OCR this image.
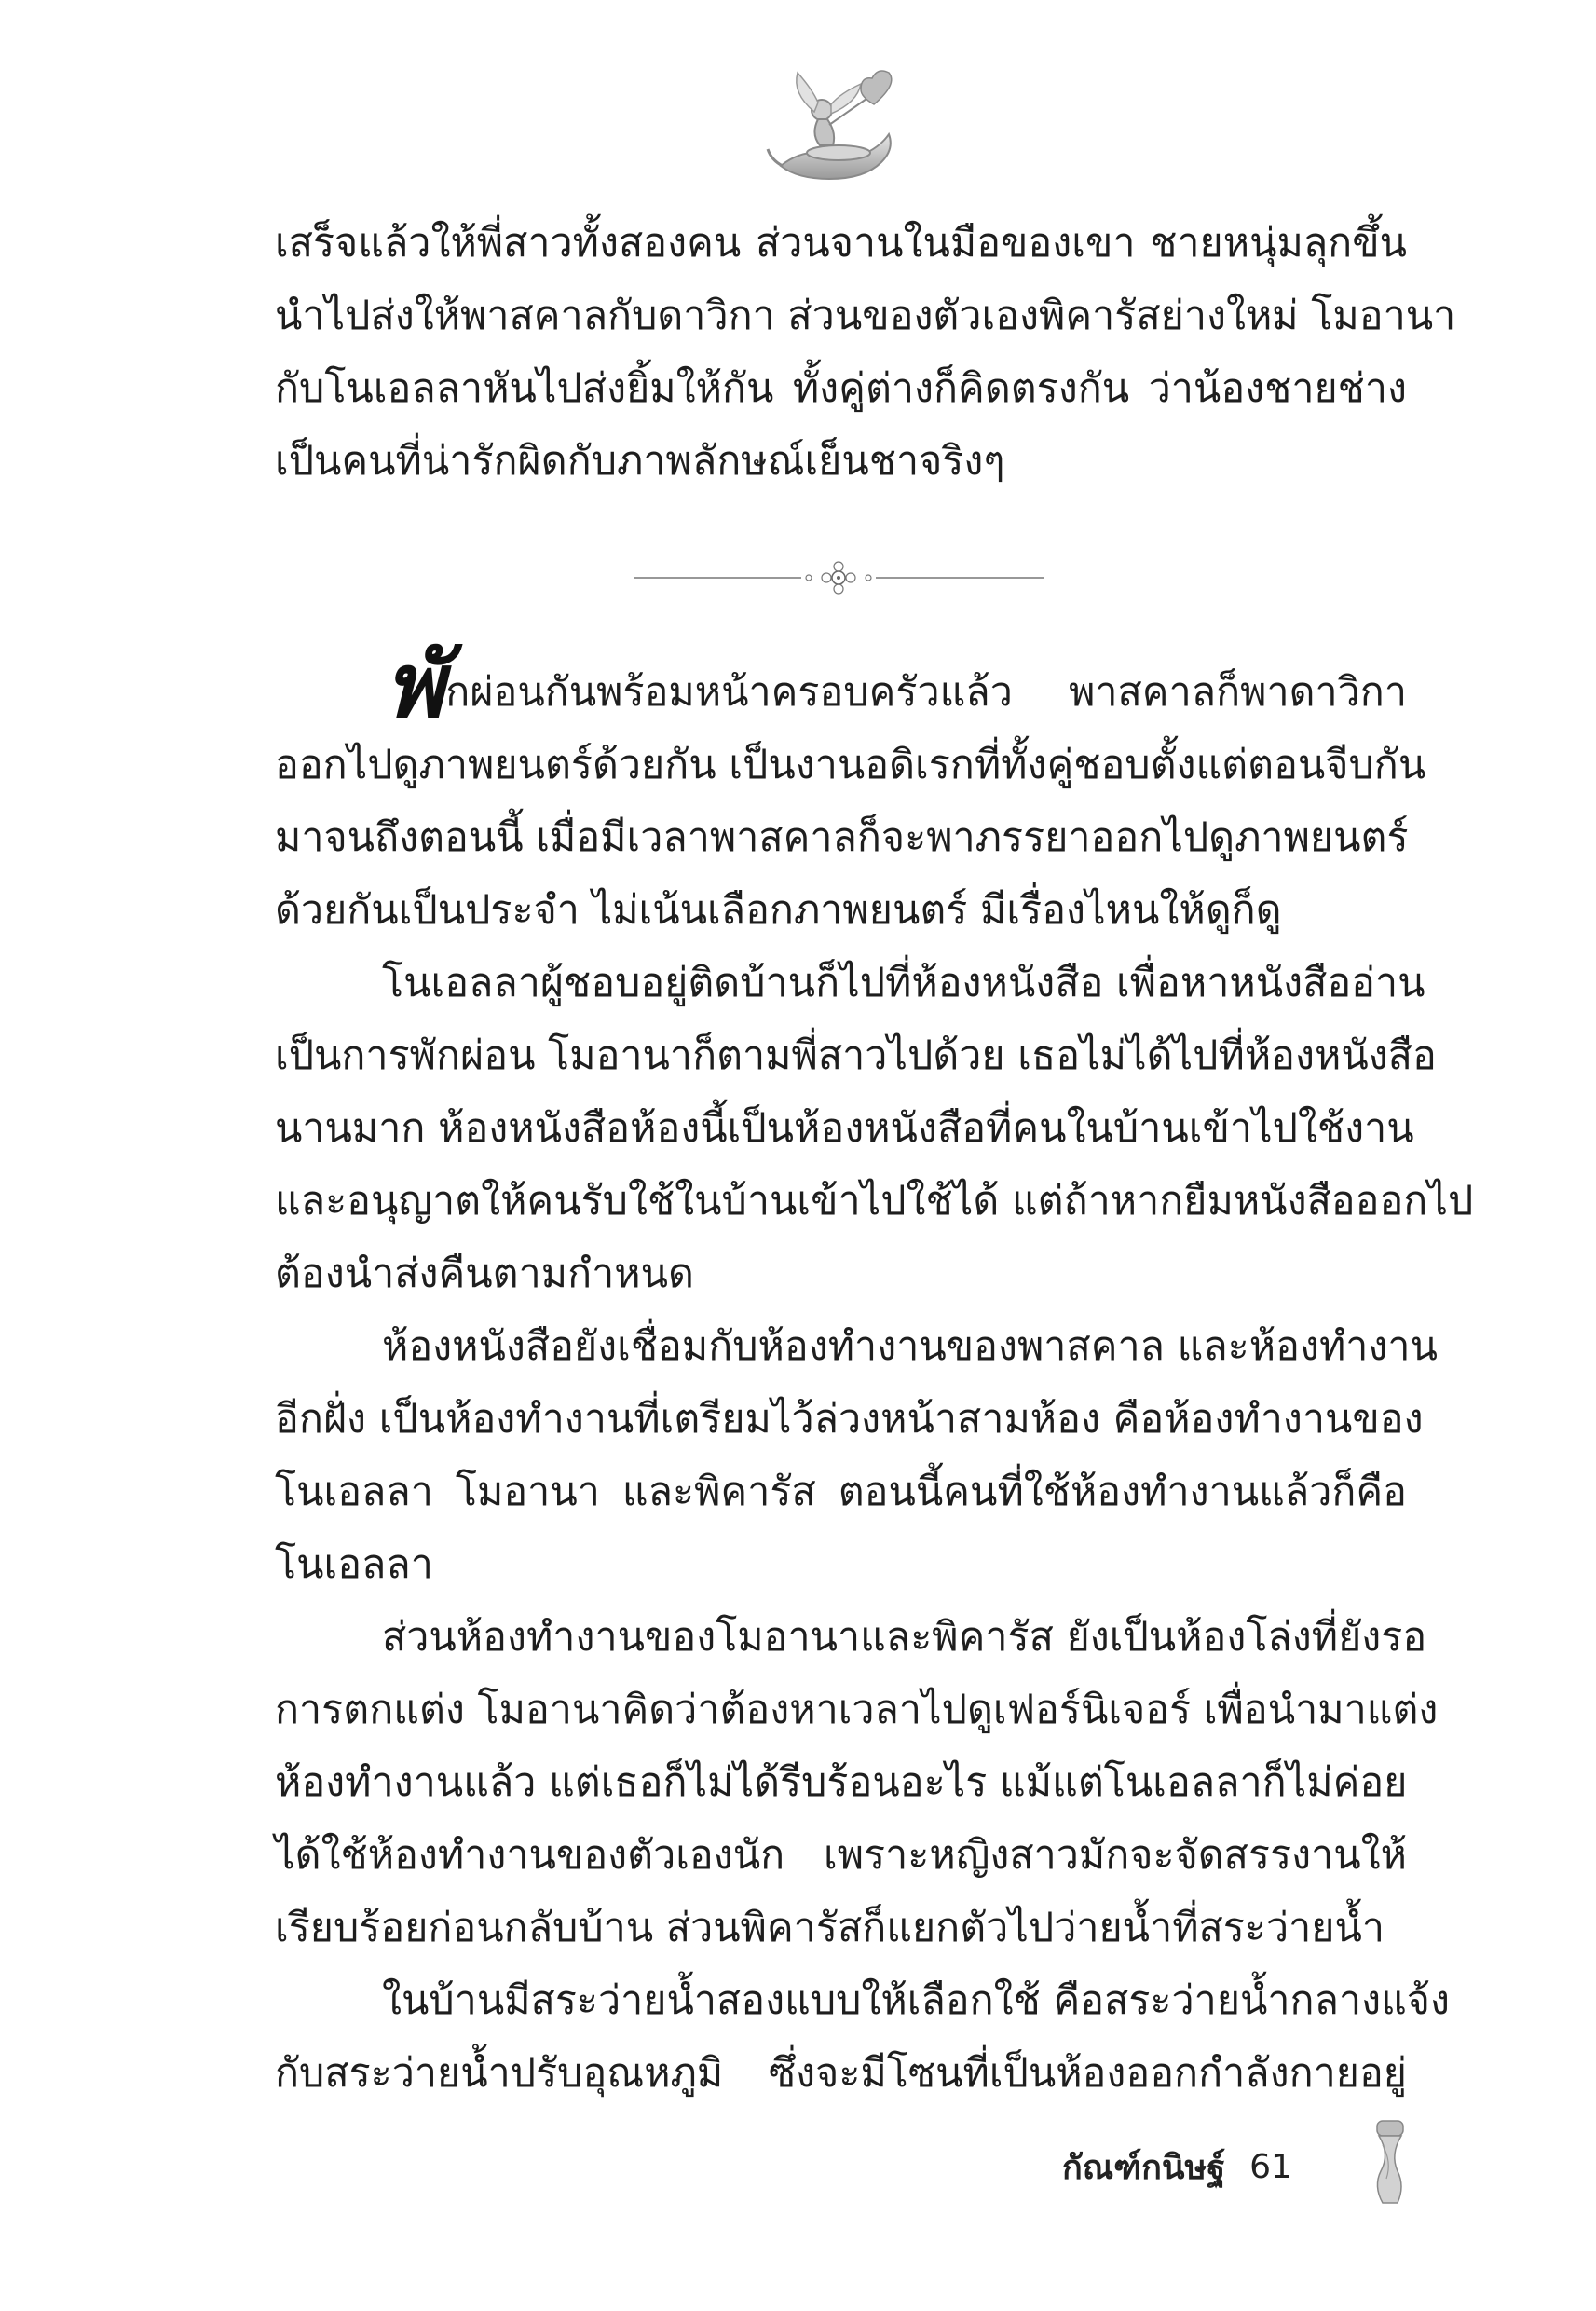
เสร็จแล้วให้พี่สาวทั้งสองคน ส่วนจานในมือของเขา ชายหนุ่มลุกขึ้น
นำไปส่งให้พาสคาลกับดาวิกา ส่วนของตัวเองพิคารัสย่างใหม่ โมอานา
กับโนเอลลาหันไปส่งยิ้มให้กัน ทั้งคู่ต่างก็คิดตรงกัน ว่าน้องชายช่าง
เป็นคนที่น่ารักผิดกับภาพลักษณ์เย็นชาจริงๆ
พั กผ่อนกันพร้อมหน้าครอบครัวแล้ว พาสคาลก็พาดาวิกา
ออกไปดูภาพยนตร์ด้วยกัน เป็นงานอดิเรกที่ทั้งคู่ชอบตั้งแต่ตอนจีบกัน
มาจนถึงตอนนี้ เมื่อมีเวลาพาสคาลก็จะพาภรรยาออกไปดูภาพยนตร์
ด้วยกันเป็นประจำ ไม่เน้นเลือกภาพยนตร์ มีเรื่องไหนให้ดูก็ดู
โนเอลลาผู้ชอบอยู่ติดบ้านก็ไปที่ห้องหนังสือ เพื่อหาหนังสืออ่าน
เป็นการพักผ่อน โมอานาก็ตามพี่สาวไปด้วย เธอไม่ได้ไปที่ห้องหนังสือ
นานมาก ห้องหนังสือห้องนี้เป็นห้องหนังสือที่คนในบ้านเข้าไปใช้งาน
และอนุญาตให้คนรับใช้ในบ้านเข้าไปใช้ได้ แต่ถ้าหากยืมหนังสือออกไป
ต้องนำส่งคืนตามกำหนด
ห้องหนังสือยังเชื่อมกับห้องทำงานของพาสคาล และห้องทำงาน
อีกฝั่ง เป็นห้องทำงานที่เตรียมไว้ล่วงหน้าสามห้อง คือห้องทำงานของ
โนเอลลา โมอานา และพิคารัส ตอนนี้คนที่ใช้ห้องทำงานแล้วก็คือ
โนเอลลา
ส่วนห้องทำงานของโมอานาและพิคารัส ยังเป็นห้องโล่งที่ยังรอ
การตกแต่ง โมอานาคิดว่าต้องหาเวลาไปดูเฟอร์นิเจอร์ เพื่อนำมาแต่ง
ห้องทำงานแล้ว แต่เธอก็ไม่ได้รีบร้อนอะไร แม้แต่โนเอลลาก็ไม่ค่อย
ได้ใช้ห้องทำงานของตัวเองนัก เพราะหญิงสาวมักจะจัดสรรงานให้
เรียบร้อยก่อนกลับบ้าน ส่วนพิคารัสก็แยกตัวไปว่ายน้ำที่สระว่ายน้ำ
ในบ้านมีสระว่ายน้ำสองแบบให้เลือกใช้ คือสระว่ายน้ำกลางแจ้ง
กับสระว่ายน้ำปรับอุณหภูมิ ซึ่งจะมีโซนที่เป็นห้องออกกำลังกายอยู่
กัณฑ์กนิษฐ์ 61
